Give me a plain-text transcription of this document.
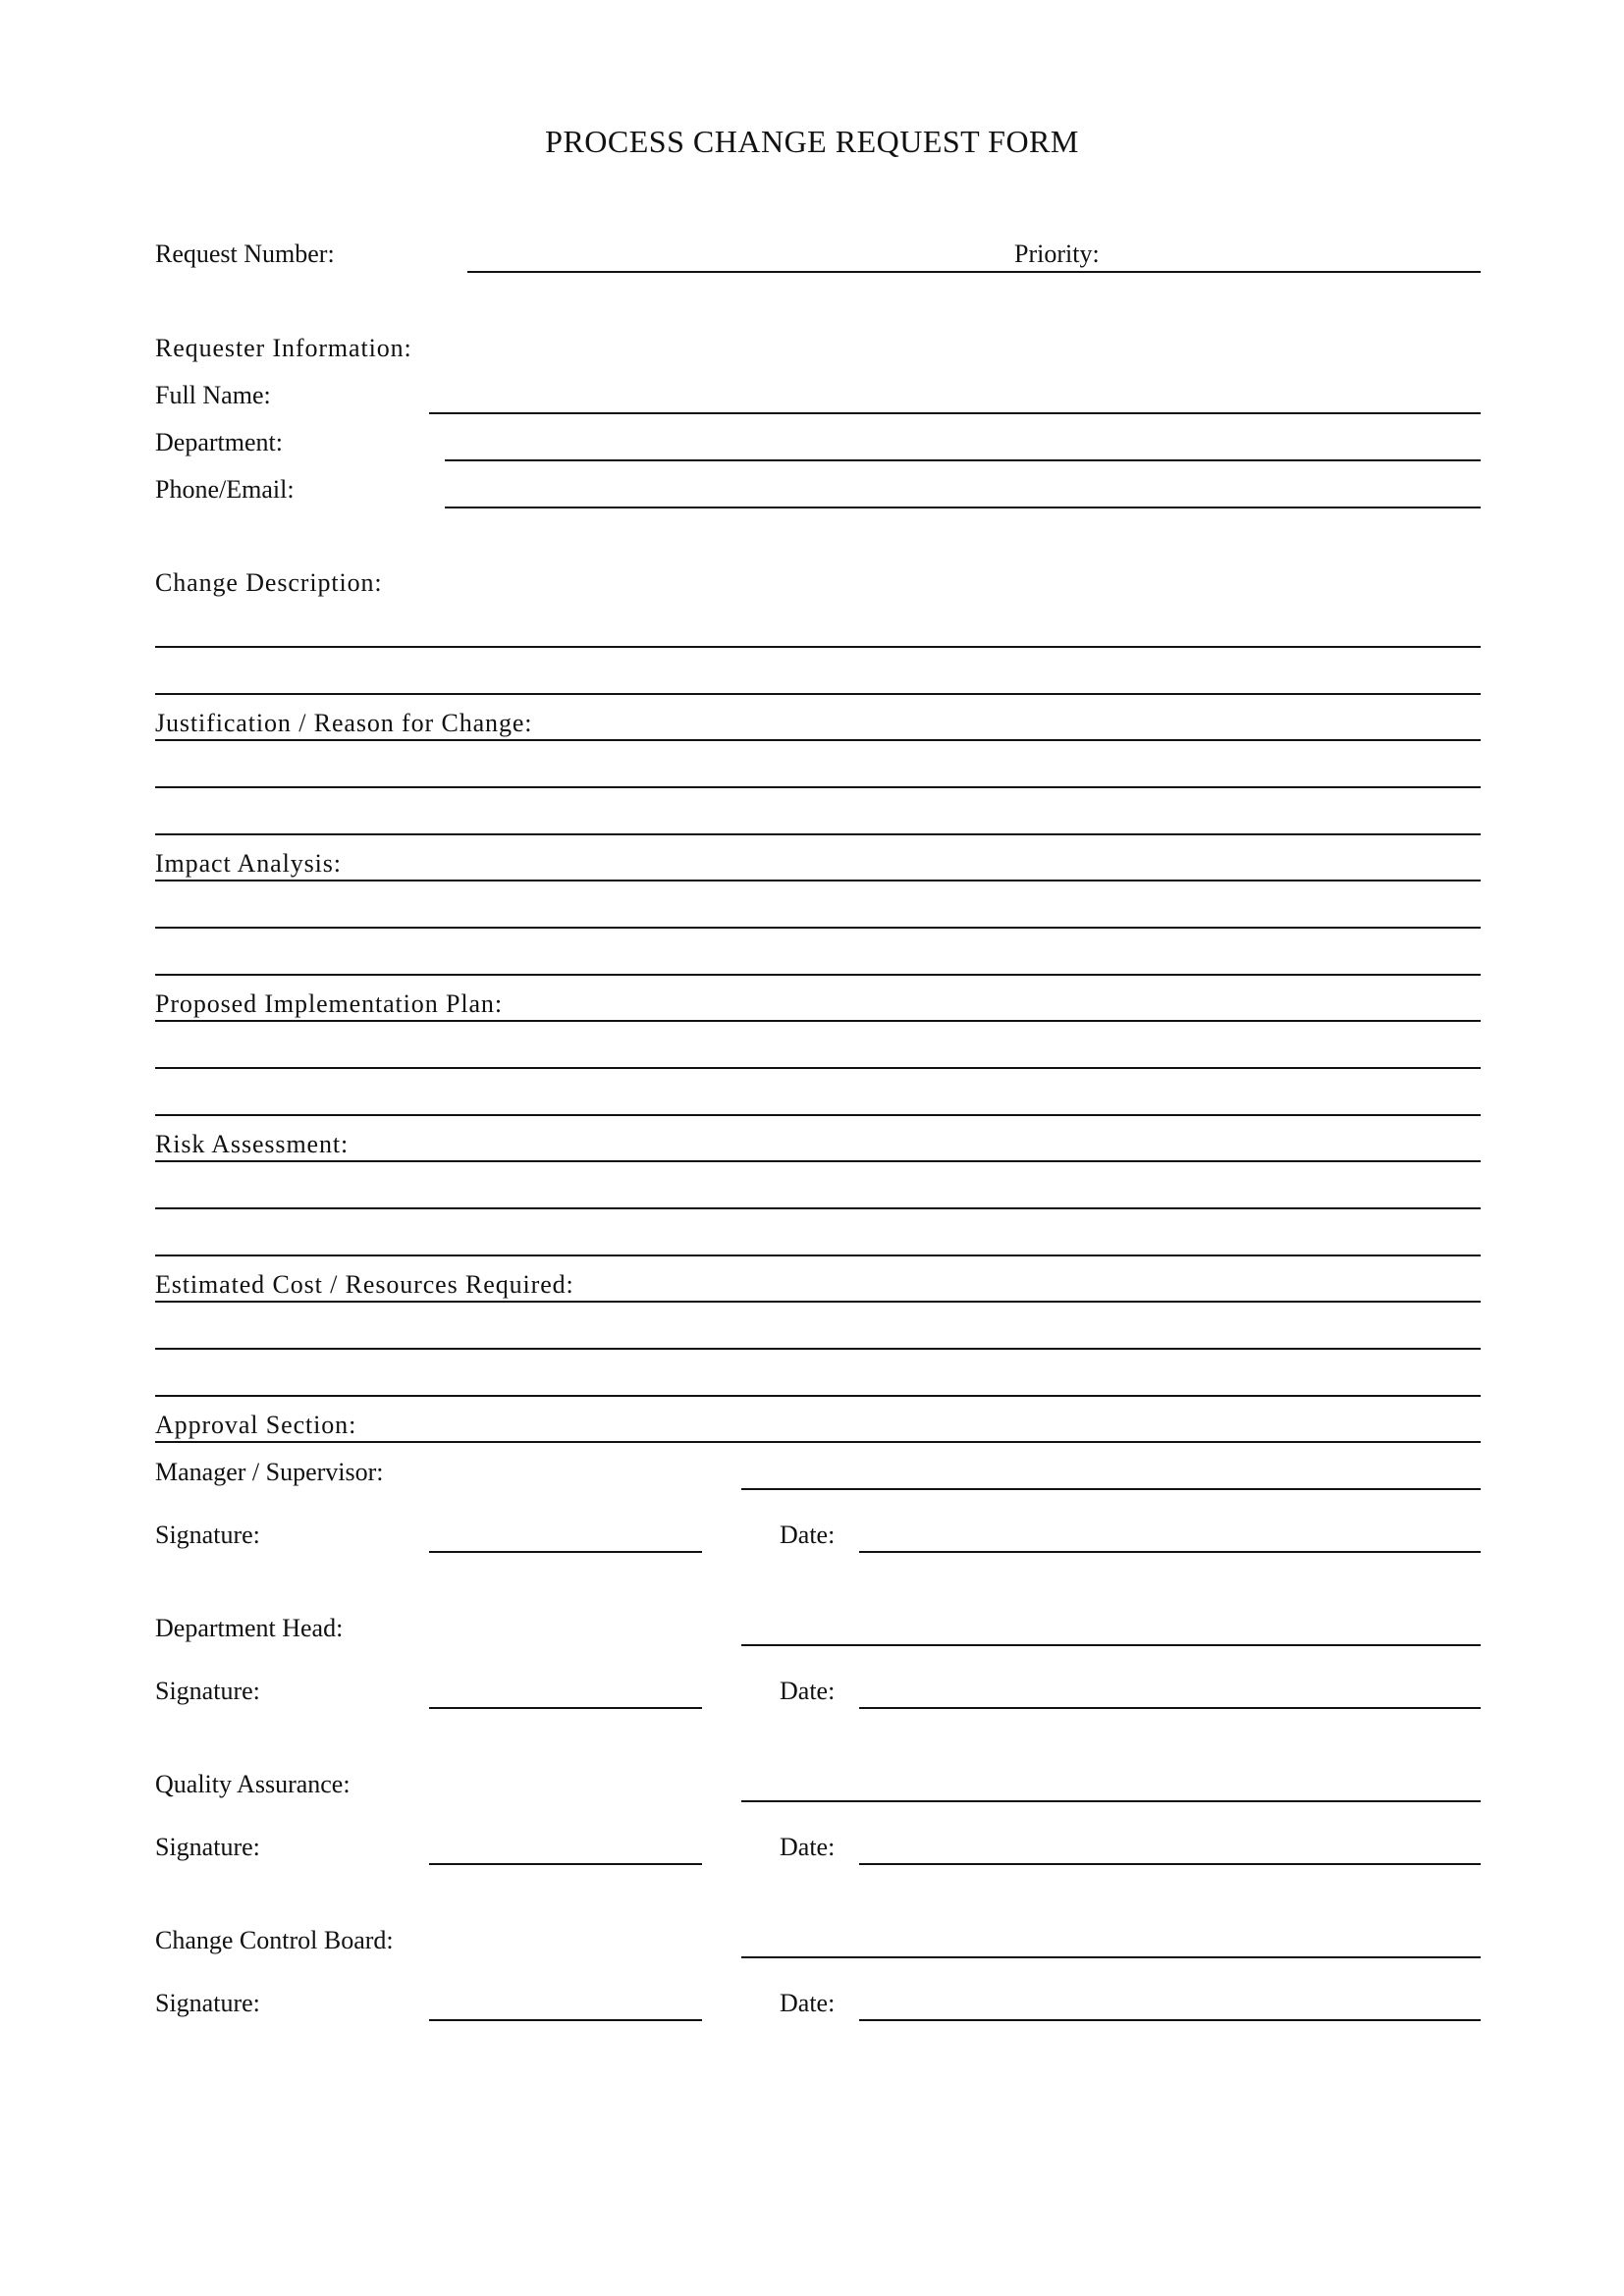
PROCESS CHANGE REQUEST FORM
Request Number:	Priority:
Requester Information:
Full Name:
Department:
Phone/Email:
Change Description:
Justification / Reason for Change:
Impact Analysis:
Proposed Implementation Plan:
Risk Assessment:
Estimated Cost / Resources Required:
Approval Section:
Manager / Supervisor:
Signature:	Date:
Department Head:
Signature:	Date:
Quality Assurance:
Signature:	Date:
Change Control Board:
Signature:	Date:
